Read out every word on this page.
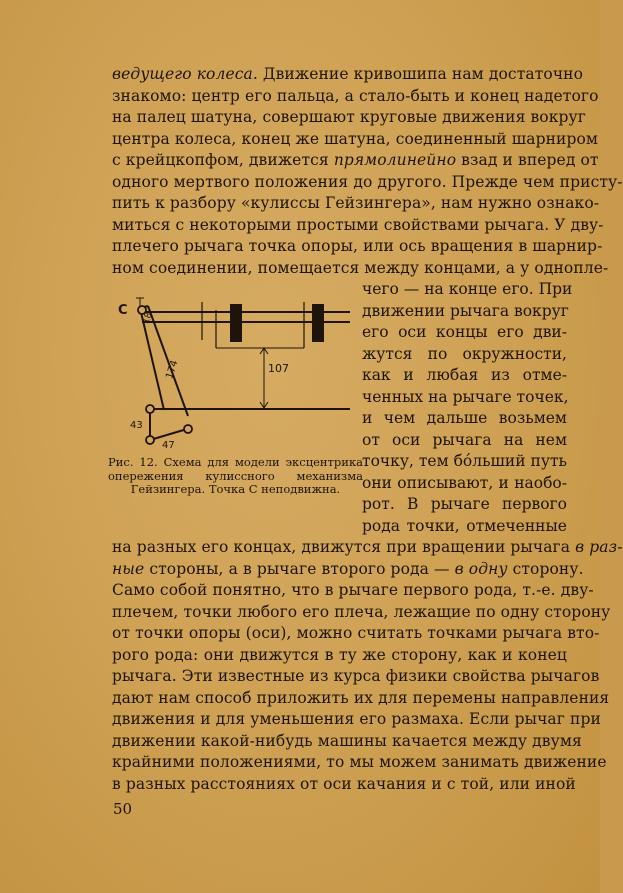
ведущего колеса. Движение кривошипа нам достаточно
знакомо: центр его пальца, а стало-быть и конец надетого
на палец шатуна, совершают круговые движения вокруг
центра колеса, конец же шатуна, соединенный шарниром
с крейцкопфом, движется прямолинейно взад и вперед от
одного мертвого положения до другого. Прежде чем присту-
пить к разбору «кулиссы Гейзингера», нам нужно ознако-
миться с некоторыми простыми свойствами рычага. У дву-
плечего рычага точка опоры, или ось вращения в шарнир-
ном соединении, помещается между концами, а у одноплe-
C
18
174	107
43
47
Рис. 12. Схема для модели эксцентрика опережения кулиссного механизма Гейзингера. Точка C неподвижна.
чего — на конце его. При
движении рычага вокруг
его оси концы его дви-
жутся по окружности,
как и любая из отме-
ченных на рычаге точек,
и чем дальше возьмем
от оси рычага на нем
точку, тем бо́льший путь
они описывают, и наобо-
рот. В рычаге первого
рода точки, отмеченные
на разных его концах, движутся при вращении рычага в раз-
ные стороны, а в рычаге второго рода — в одну сторону.
Само собой понятно, что в рычаге первого рода, т.-е. дву-
плечем, точки любого его плеча, лежащие по одну сторону
от точки опоры (оси), можно считать точками рычага вто-
рого рода: они движутся в ту же сторону, как и конец
рычага. Эти известные из курса физики свойства рычагов
дают нам способ приложить их для перемены направления
движения и для уменьшения его размаха. Если рычаг при
движении какой-нибудь машины качается между двумя
крайними положениями, то мы можем занимать движение
в разных расстояниях от оси качания и с той, или иной
50
